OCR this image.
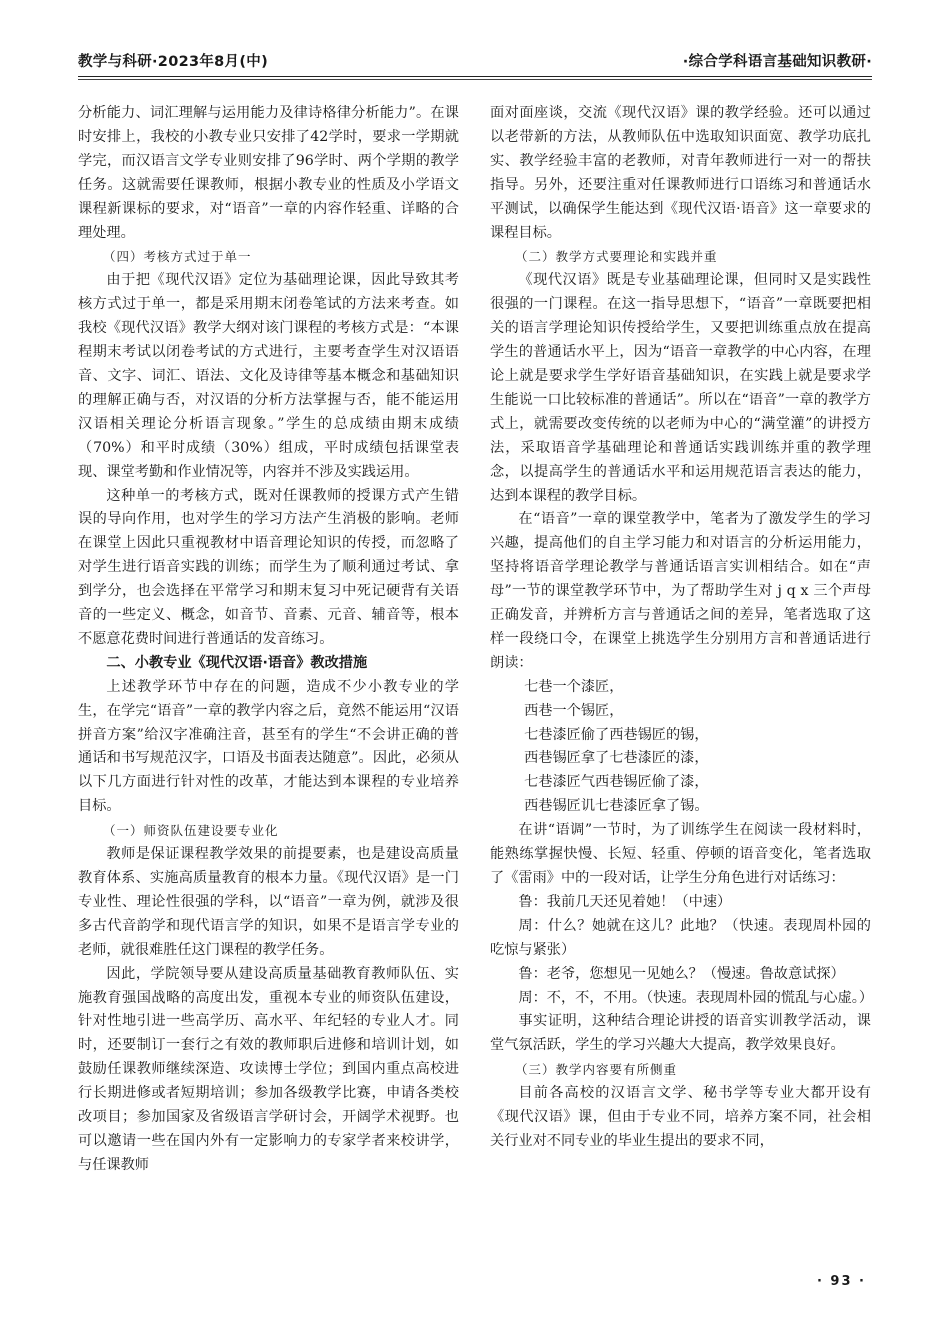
教学与科研·2023年8月(中)	·综合学科语言基础知识教研·

分析能力、词汇理解与运用能力及律诗格律分析能力”。在课时安排上，我校的小教专业只安排了42学时，要求一学期就学完，而汉语言文学专业则安排了96学时、两个学期的教学任务。这就需要任课教师，根据小教专业的性质及小学语文课程新课标的要求，对“语音”一章的内容作轻重、详略的合理处理。

（四）考核方式过于单一

由于把《现代汉语》定位为基础理论课，因此导致其考核方式过于单一，都是采用期末闭卷笔试的方法来考查。如我校《现代汉语》教学大纲对该门课程的考核方式是：“本课程期末考试以闭卷考试的方式进行，主要考查学生对汉语语音、文字、词汇、语法、文化及诗律等基本概念和基础知识的理解正确与否，对汉语的分析方法掌握与否，能不能运用汉语相关理论分析语言现象。”学生的总成绩由期末成绩（70%）和平时成绩（30%）组成，平时成绩包括课堂表现、课堂考勤和作业情况等，内容并不涉及实践运用。

这种单一的考核方式，既对任课教师的授课方式产生错误的导向作用，也对学生的学习方法产生消极的影响。老师在课堂上因此只重视教材中语音理论知识的传授，而忽略了对学生进行语音实践的训练；而学生为了顺利通过考试、拿到学分，也会选择在平常学习和期末复习中死记硬背有关语音的一些定义、概念，如音节、音素、元音、辅音等，根本不愿意花费时间进行普通话的发音练习。

二、小教专业《现代汉语·语音》教改措施

上述教学环节中存在的问题，造成不少小教专业的学生，在学完“语音”一章的教学内容之后，竟然不能运用“汉语拼音方案”给汉字准确注音，甚至有的学生“不会讲正确的普通话和书写规范汉字，口语及书面表达随意”。因此，必须从以下几方面进行针对性的改革，才能达到本课程的专业培养目标。

（一）师资队伍建设要专业化

教师是保证课程教学效果的前提要素，也是建设高质量教育体系、实施高质量教育的根本力量。《现代汉语》是一门专业性、理论性很强的学科，以“语音”一章为例，就涉及很多古代音韵学和现代语言学的知识，如果不是语言学专业的老师，就很难胜任这门课程的教学任务。

因此，学院领导要从建设高质量基础教育教师队伍、实施教育强国战略的高度出发，重视本专业的师资队伍建设，针对性地引进一些高学历、高水平、年纪轻的专业人才。同时，还要制订一套行之有效的教师职后进修和培训计划，如鼓励任课教师继续深造、攻读博士学位；到国内重点高校进行长期进修或者短期培训；参加各级教学比赛，申请各类校改项目；参加国家及省级语言学研讨会，开阔学术视野。也可以邀请一些在国内外有一定影响力的专家学者来校讲学，与任课教师

面对面座谈，交流《现代汉语》课的教学经验。还可以通过以老带新的方法，从教师队伍中选取知识面宽、教学功底扎实、教学经验丰富的老教师，对青年教师进行一对一的帮扶指导。另外，还要注重对任课教师进行口语练习和普通话水平测试，以确保学生能达到《现代汉语·语音》这一章要求的课程目标。

（二）教学方式要理论和实践并重

《现代汉语》既是专业基础理论课，但同时又是实践性很强的一门课程。在这一指导思想下，“语音”一章既要把相关的语言学理论知识传授给学生，又要把训练重点放在提高学生的普通话水平上，因为“语音一章教学的中心内容，在理论上就是要求学生学好语音基础知识，在实践上就是要求学生能说一口比较标准的普通话”。所以在“语音”一章的教学方式上，就需要改变传统的以老师为中心的“满堂灌”的讲授方法，采取语音学基础理论和普通话实践训练并重的教学理念，以提高学生的普通话水平和运用规范语言表达的能力，达到本课程的教学目标。

在“语音”一章的课堂教学中，笔者为了激发学生的学习兴趣，提高他们的自主学习能力和对语言的分析运用能力，坚持将语音学理论教学与普通话语言实训相结合。如在“声母”一节的课堂教学环节中，为了帮助学生对 j q x 三个声母正确发音，并辨析方言与普通话之间的差异，笔者选取了这样一段绕口令，在课堂上挑选学生分别用方言和普通话进行朗读：

七巷一个漆匠，

西巷一个锡匠，

七巷漆匠偷了西巷锡匠的锡，

西巷锡匠拿了七巷漆匠的漆，

七巷漆匠气西巷锡匠偷了漆，

西巷锡匠讥七巷漆匠拿了锡。

在讲“语调”一节时，为了训练学生在阅读一段材料时，能熟练掌握快慢、长短、轻重、停顿的语音变化，笔者选取了《雷雨》中的一段对话，让学生分角色进行对话练习：

鲁：我前几天还见着她！（中速）

周：什么？她就在这儿？此地？（快速。表现周朴园的吃惊与紧张）

鲁：老爷，您想见一见她么？（慢速。鲁故意试探）

周：不，不，不用。（快速。表现周朴园的慌乱与心虚。）

事实证明，这种结合理论讲授的语音实训教学活动，课堂气氛活跃，学生的学习兴趣大大提高，教学效果良好。

（三）教学内容要有所侧重

目前各高校的汉语言文学、秘书学等专业大都开设有《现代汉语》课，但由于专业不同，培养方案不同，社会相关行业对不同专业的毕业生提出的要求不同，

· 93 ·
